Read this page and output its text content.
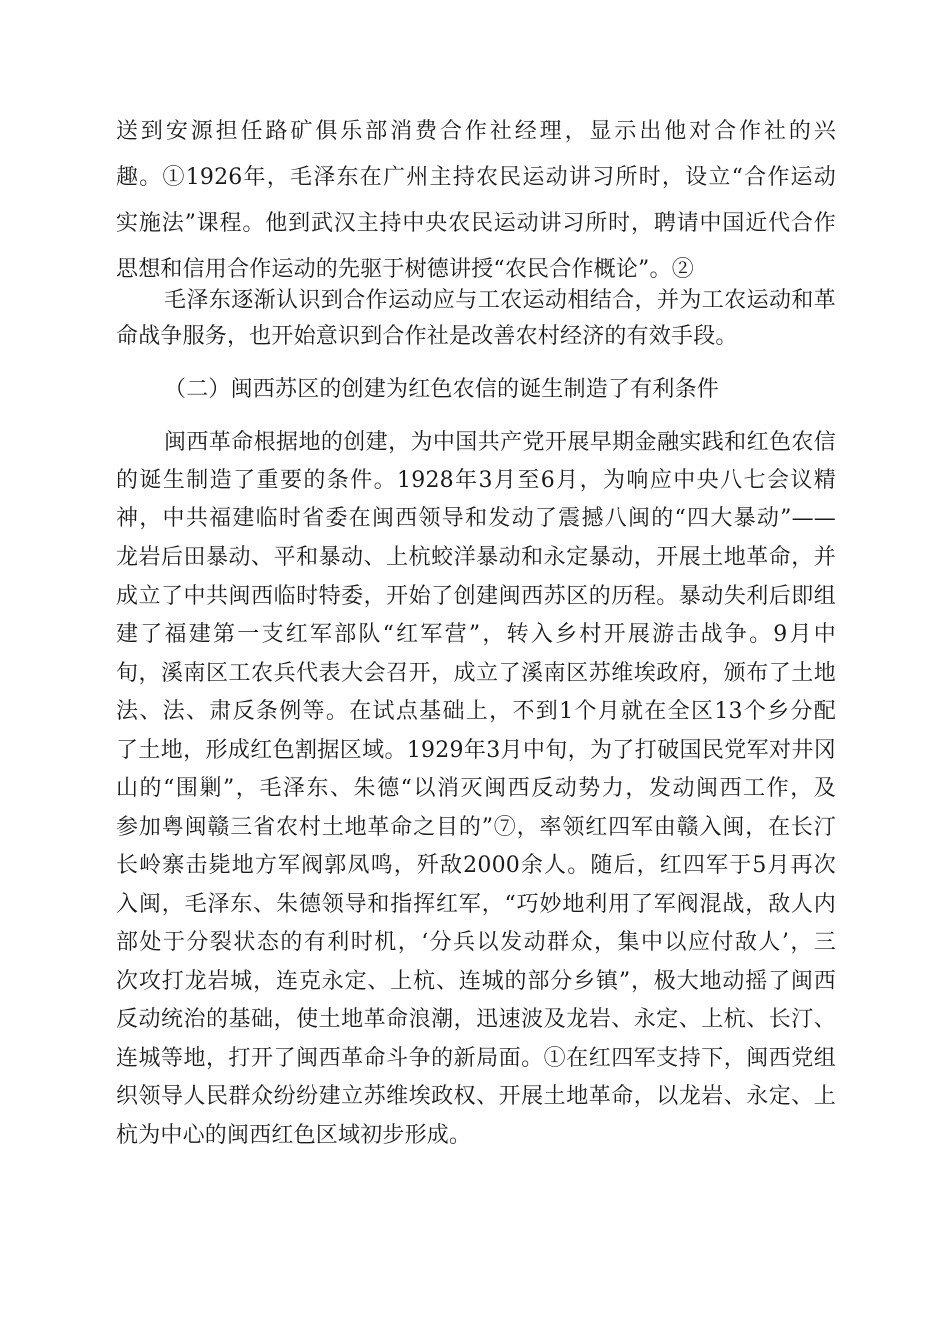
送到安源担任路矿俱乐部消费合作社经理，显示出他对合作社的兴
趣。①1926年，毛泽东在广州主持农民运动讲习所时，设立“合作运动
实施法”课程。他到武汉主持中央农民运动讲习所时，聘请中国近代合作
思想和信用合作运动的先驱于树德讲授“农民合作概论”。②
毛泽东逐渐认识到合作运动应与工农运动相结合，并为工农运动和革
命战争服务，也开始意识到合作社是改善农村经济的有效手段。
（二）闽西苏区的创建为红色农信的诞生制造了有利条件
闽西革命根据地的创建，为中国共产党开展早期金融实践和红色农信
的诞生制造了重要的条件。1928年3月至6月，为响应中央八七会议精
神，中共福建临时省委在闽西领导和发动了震撼八闽的“四大暴动”——
龙岩后田暴动、平和暴动、上杭蛟洋暴动和永定暴动，开展土地革命，并
成立了中共闽西临时特委，开始了创建闽西苏区的历程。暴动失利后即组
建了福建第一支红军部队“红军营”，转入乡村开展游击战争。9月中
旬，溪南区工农兵代表大会召开，成立了溪南区苏维埃政府，颁布了土地
法、法、肃反条例等。在试点基础上，不到1个月就在全区13个乡分配
了土地，形成红色割据区域。1929年3月中旬，为了打破国民党军对井冈
山的“围剿”，毛泽东、朱德“以消灭闽西反动势力，发动闽西工作，及
参加粤闽赣三省农村土地革命之目的”⑦，率领红四军由赣入闽，在长汀
长岭寨击毙地方军阀郭凤鸣，歼敌2000余人。随后，红四军于5月再次
入闽，毛泽东、朱德领导和指挥红军，“巧妙地利用了军阀混战，敌人内
部处于分裂状态的有利时机，‘分兵以发动群众，集中以应付敌人’，三
次攻打龙岩城，连克永定、上杭、连城的部分乡镇”，极大地动摇了闽西
反动统治的基础，使土地革命浪潮，迅速波及龙岩、永定、上杭、长汀、
连城等地，打开了闽西革命斗争的新局面。①在红四军支持下，闽西党组
织领导人民群众纷纷建立苏维埃政权、开展土地革命，以龙岩、永定、上
杭为中心的闽西红色区域初步形成。
